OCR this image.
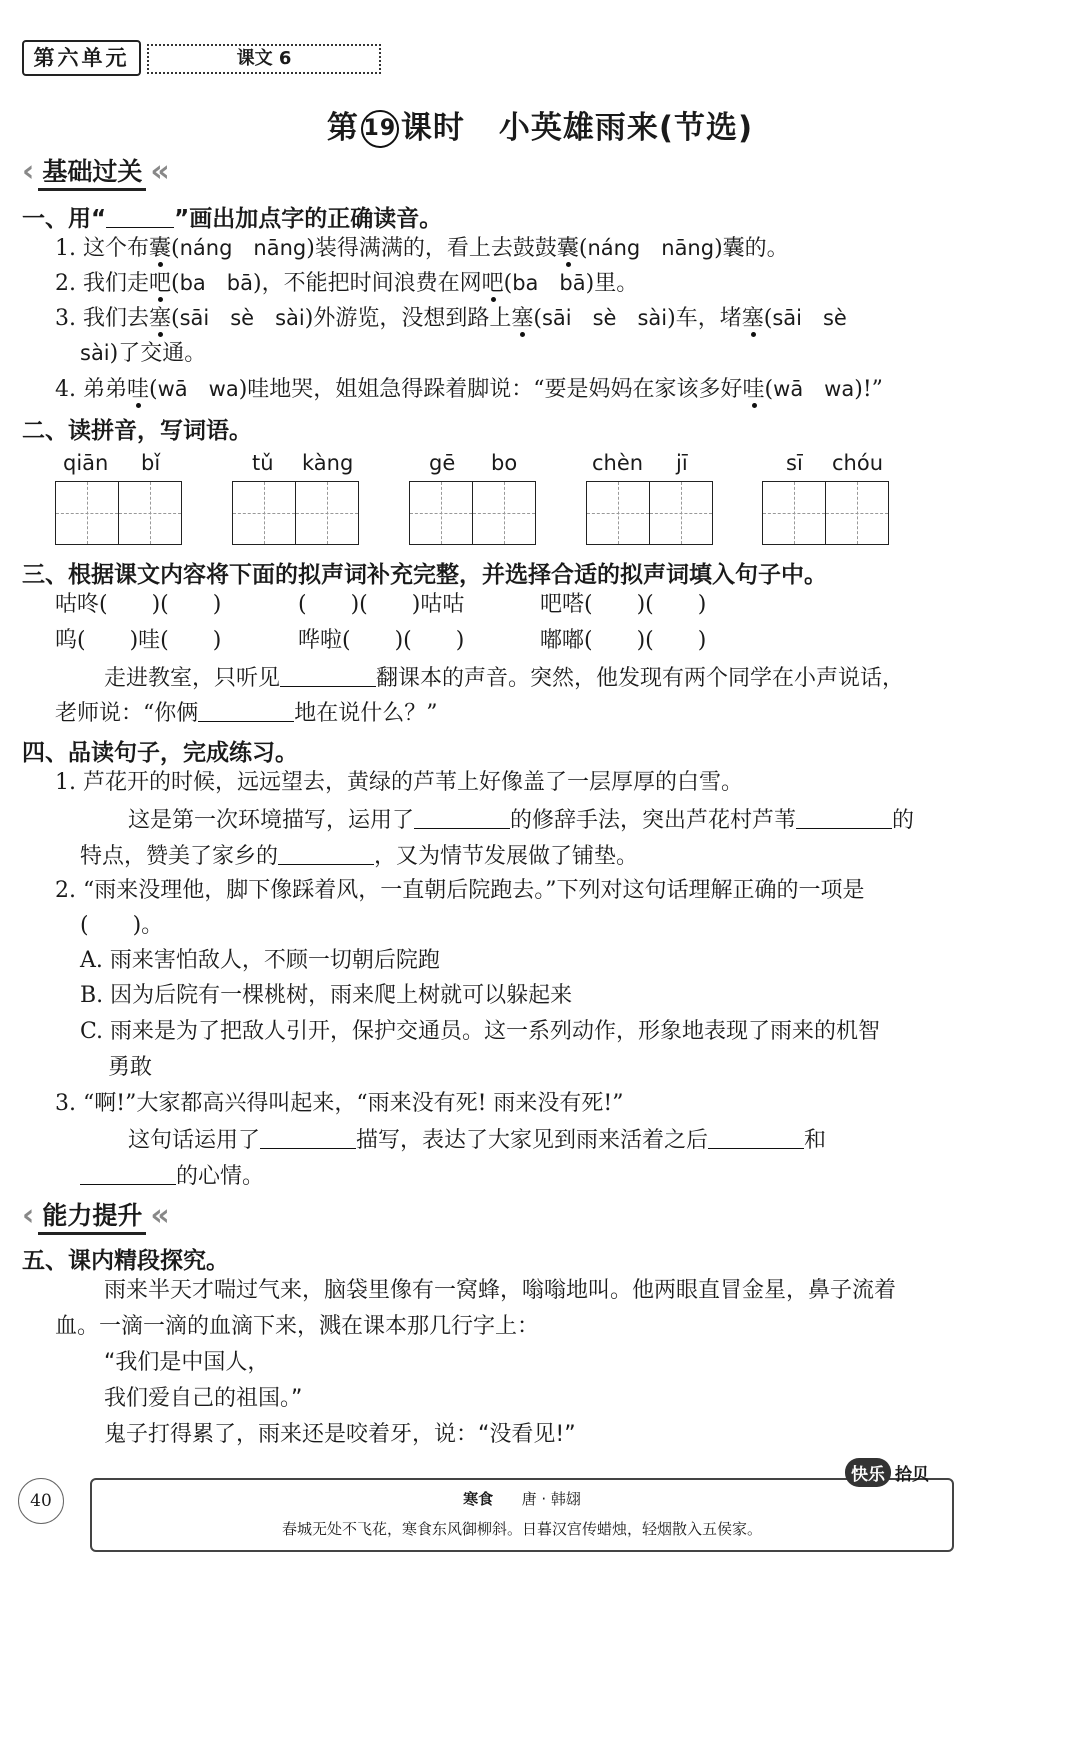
第六单元	课文 6
第 19 课时 小英雄雨来(节选)
‹ 基础过关 «
一、用“	”画出加点字的正确读音。
1. 这个布囊(náng　nāng)装得满满的，看上去鼓鼓囊(náng　nāng)囊的。
2. 我们走吧(ba　bā)，不能把时间浪费在网吧(ba　bā)里。
3. 我们去塞(sāi　sè　sài)外游览，没想到路上塞(sāi　sè　sài)车，堵塞(sāi　sè
sài)了交通。
4. 弟弟哇(wā　wa)哇地哭，姐姐急得跺着脚说：“要是妈妈在家该多好哇(wā　wa)!”
二、读拼音，写词语。
qiān bǐ	tǔ kàng	gē bo	chèn jī	sī chóu
三、根据课文内容将下面的拟声词补充完整，并选择合适的拟声词填入句子中。
咕咚(　　)(　　)	(　　)(　　)咕咕	吧嗒(　　)(　　)
呜(　　)哇(　　)	哗啦(　　)(　　)	嘟嘟(　　)(　　)
走进教室，只听见	翻课本的声音。突然，他发现有两个同学在小声说话，
老师说：“你俩	地在说什么？”
四、品读句子，完成练习。
1. 芦花开的时候，远远望去，黄绿的芦苇上好像盖了一层厚厚的白雪。
这是第一次环境描写，运用了	的修辞手法，突出芦花村芦苇	的
特点，赞美了家乡的	，又为情节发展做了铺垫。
2. “雨来没理他，脚下像踩着风，一直朝后院跑去。”下列对这句话理解正确的一项是
(　　)。
A. 雨来害怕敌人，不顾一切朝后院跑
B. 因为后院有一棵桃树，雨来爬上树就可以躲起来
C. 雨来是为了把敌人引开，保护交通员。这一系列动作，形象地表现了雨来的机智
勇敢
3. “啊!”大家都高兴得叫起来，“雨来没有死! 雨来没有死!”
这句话运用了	描写，表达了大家见到雨来活着之后	和
的心情。
‹ 能力提升 «
五、课内精段探究。
雨来半天才喘过气来，脑袋里像有一窝蜂，嗡嗡地叫。他两眼直冒金星，鼻子流着
血。一滴一滴的血滴下来，溅在课本那几行字上：
“我们是中国人，
我们爱自己的祖国。”
鬼子打得累了，雨来还是咬着牙，说：“没看见!”
40	寒食 唐 · 韩翃
春城无处不飞花，寒食东风御柳斜。日暮汉宫传蜡烛，轻烟散入五侯家。
快乐 拾贝
